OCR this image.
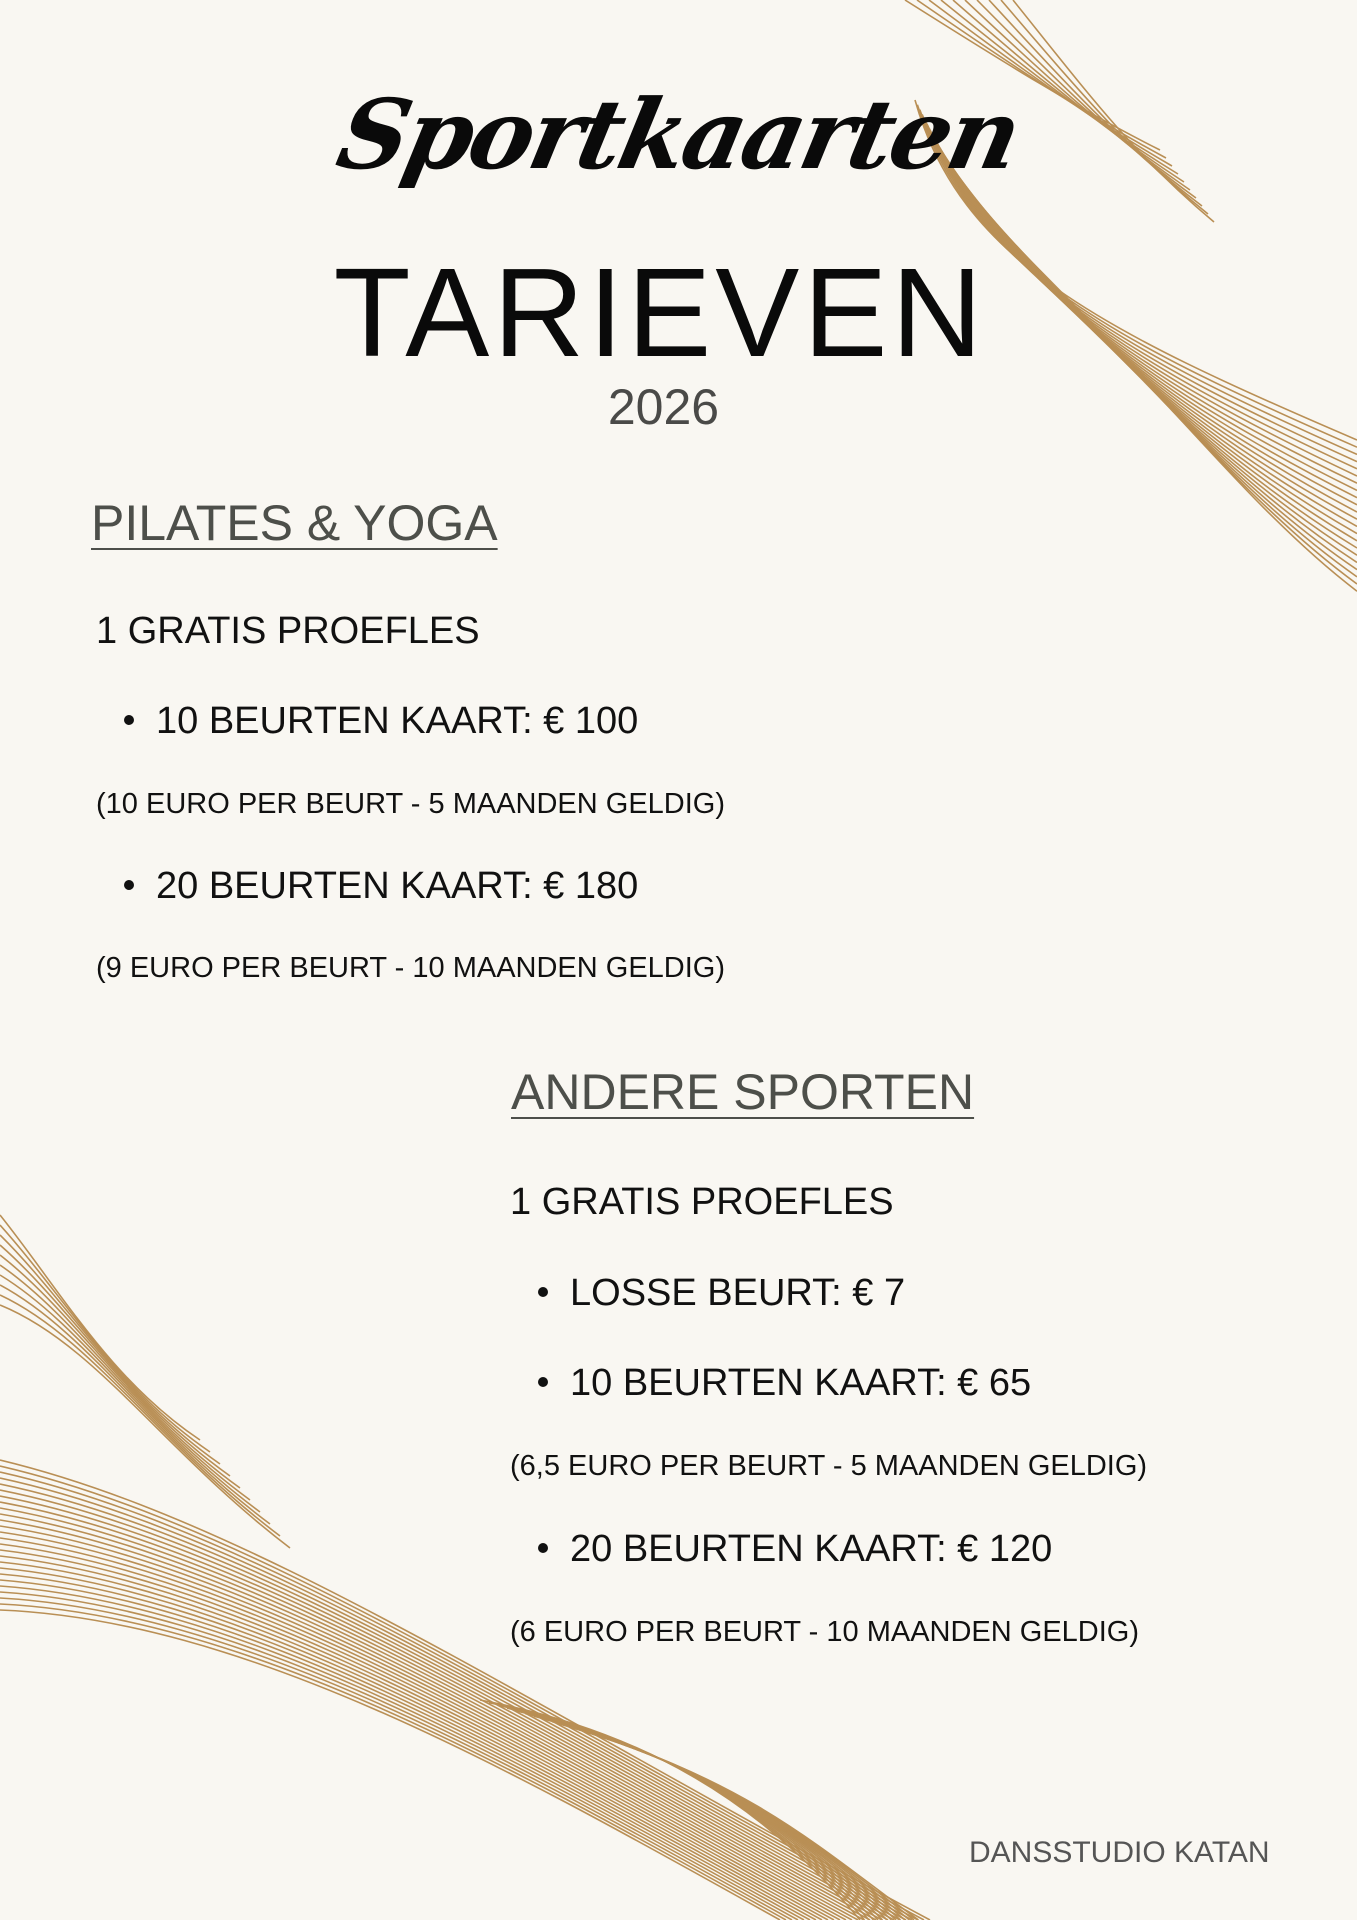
Sportkaarten
TARIEVEN
2026
PILATES & YOGA
1 GRATIS PROEFLES
10 BEURTEN KAART: € 100
(10 EURO PER BEURT - 5 MAANDEN GELDIG)
20 BEURTEN KAART: € 180
(9 EURO PER BEURT - 10 MAANDEN GELDIG)
ANDERE SPORTEN
1 GRATIS PROEFLES
LOSSE BEURT: € 7
10 BEURTEN KAART: € 65
(6,5 EURO PER BEURT - 5 MAANDEN GELDIG)
20 BEURTEN KAART: € 120
(6 EURO PER BEURT - 10 MAANDEN GELDIG)
DANSSTUDIO KATAN
